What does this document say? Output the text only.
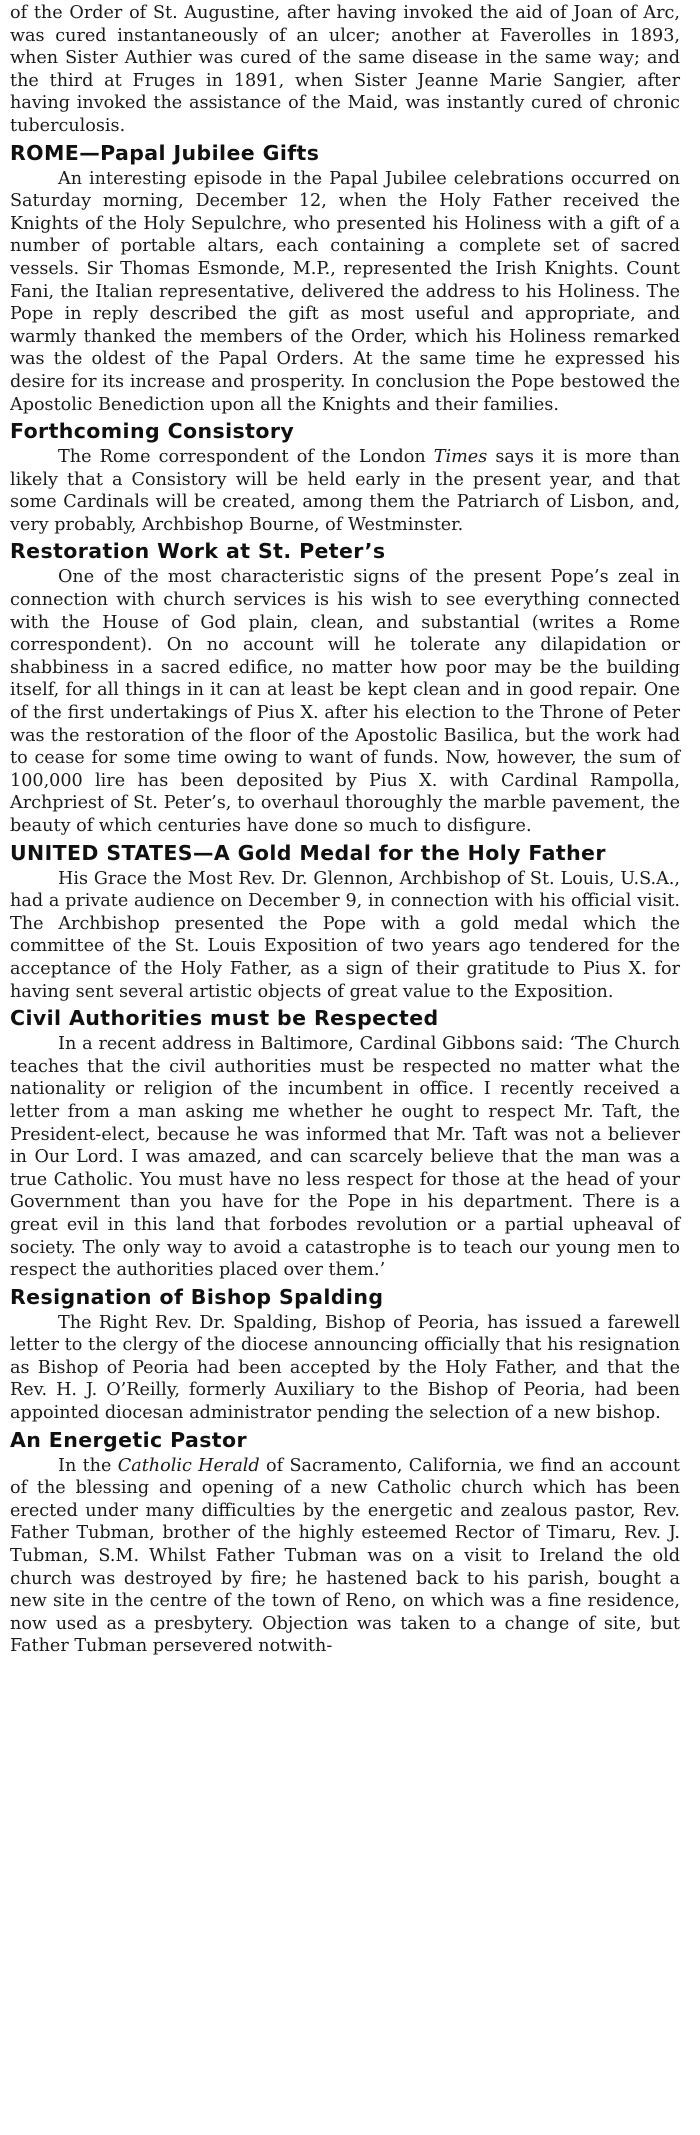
of the Order of St. Augustine, after having invoked the aid of Joan of Arc, was cured instantaneously of an ulcer; another at Faverolles in 1893, when Sister Authier was cured of the same disease in the same way; and the third at Fruges in 1891, when Sister Jeanne Marie Sangier, after having invoked the assistance of the Maid, was instantly cured of chronic tuberculosis.

ROME—Papal Jubilee Gifts

An interesting episode in the Papal Jubilee celebrations occurred on Saturday morning, December 12, when the Holy Father received the Knights of the Holy Sepulchre, who presented his Holiness with a gift of a number of portable altars, each containing a complete set of sacred vessels. Sir Thomas Esmonde, M.P., represented the Irish Knights. Count Fani, the Italian representative, delivered the address to his Holiness. The Pope in reply described the gift as most useful and appropriate, and warmly thanked the members of the Order, which his Holiness remarked was the oldest of the Papal Orders. At the same time he expressed his desire for its increase and prosperity. In conclusion the Pope bestowed the Apostolic Benediction upon all the Knights and their families.

Forthcoming Consistory

The Rome correspondent of the London Times says it is more than likely that a Consistory will be held early in the present year, and that some Cardinals will be created, among them the Patriarch of Lisbon, and, very probably, Archbishop Bourne, of Westminster.

Restoration Work at St. Peter’s

One of the most characteristic signs of the present Pope’s zeal in connection with church services is his wish to see everything connected with the House of God plain, clean, and substantial (writes a Rome correspondent). On no account will he tolerate any dilapidation or shabbiness in a sacred edifice, no matter how poor may be the building itself, for all things in it can at least be kept clean and in good repair. One of the first undertakings of Pius X. after his election to the Throne of Peter was the restoration of the floor of the Apostolic Basilica, but the work had to cease for some time owing to want of funds. Now, however, the sum of 100,000 lire has been deposited by Pius X. with Cardinal Rampolla, Archpriest of St. Peter’s, to overhaul thoroughly the marble pavement, the beauty of which centuries have done so much to disfigure.

UNITED STATES—A Gold Medal for the Holy Father

His Grace the Most Rev. Dr. Glennon, Archbishop of St. Louis, U.S.A., had a private audience on December 9, in connection with his official visit. The Archbishop presented the Pope with a gold medal which the committee of the St. Louis Exposition of two years ago tendered for the acceptance of the Holy Father, as a sign of their gratitude to Pius X. for having sent several artistic objects of great value to the Exposition.

Civil Authorities must be Respected

In a recent address in Baltimore, Cardinal Gibbons said: ‘The Church teaches that the civil authorities must be respected no matter what the nationality or religion of the incumbent in office. I recently received a letter from a man asking me whether he ought to respect Mr. Taft, the President-elect, because he was informed that Mr. Taft was not a believer in Our Lord. I was amazed, and can scarcely believe that the man was a true Catholic. You must have no less respect for those at the head of your Government than you have for the Pope in his department. There is a great evil in this land that forbodes revolution or a partial upheaval of society. The only way to avoid a catastrophe is to teach our young men to respect the authorities placed over them.’

Resignation of Bishop Spalding

The Right Rev. Dr. Spalding, Bishop of Peoria, has issued a farewell letter to the clergy of the diocese announcing officially that his resignation as Bishop of Peoria had been accepted by the Holy Father, and that the Rev. H. J. O’Reilly, formerly Auxiliary to the Bishop of Peoria, had been appointed diocesan administrator pending the selection of a new bishop.

An Energetic Pastor

In the Catholic Herald of Sacramento, California, we find an account of the blessing and opening of a new Catholic church which has been erected under many difficulties by the energetic and zealous pastor, Rev. Father Tubman, brother of the highly esteemed Rector of Timaru, Rev. J. Tubman, S.M. Whilst Father Tubman was on a visit to Ireland the old church was destroyed by fire; he hastened back to his parish, bought a new site in the centre of the town of Reno, on which was a fine residence, now used as a presbytery. Objection was taken to a change of site, but Father Tubman persevered notwith-
